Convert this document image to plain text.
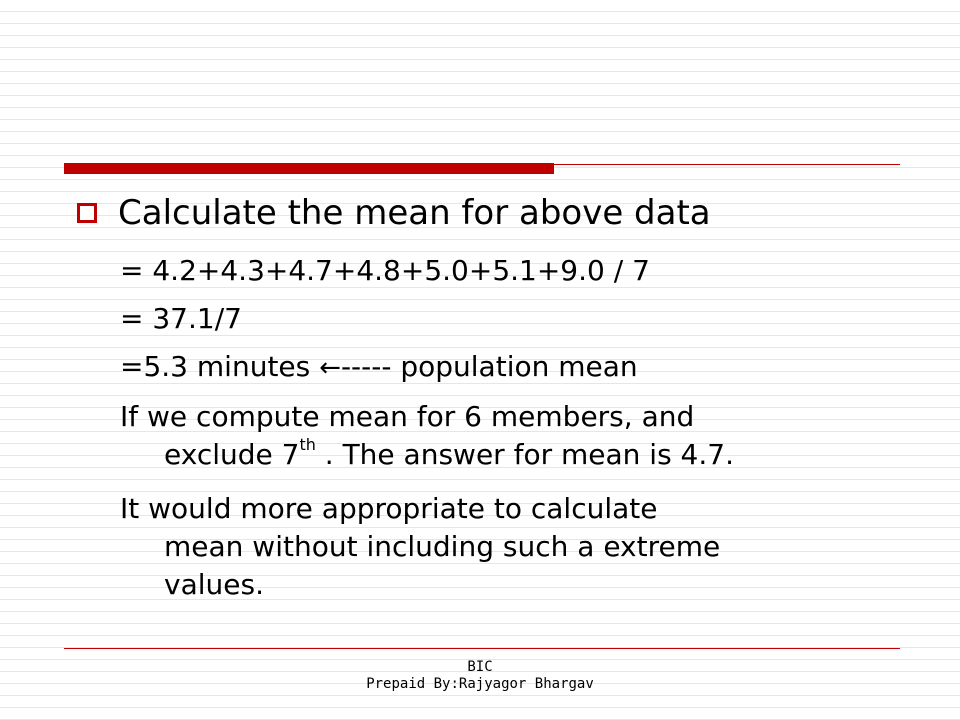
Calculate the mean for above data
= 4.2+4.3+4.7+4.8+5.0+5.1+9.0 / 7
= 37.1/7
=5.3 minutes ←----- population mean
If we compute mean for 6 members, and
exclude 7th . The answer for mean is 4.7.
It would more appropriate to calculate
mean without including such a extreme
values.
BIC
Prepaid By:Rajyagor Bhargav
